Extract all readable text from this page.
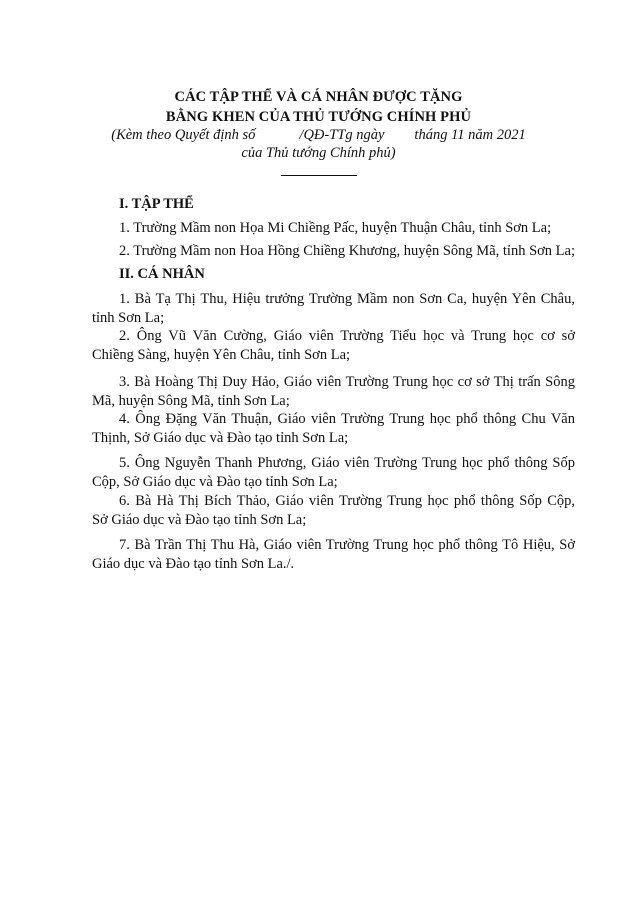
CÁC TẬP THỂ VÀ CÁ NHÂN ĐƯỢC TẶNG
BẰNG KHEN CỦA THỦ TƯỚNG CHÍNH PHỦ
(Kèm theo Quyết định số	/QĐ-TTg ngày tháng 11 năm 2021
của Thủ tướng Chính phủ)
I. TẬP THỂ
1. Trường Mầm non Họa Mi Chiềng Pấc, huyện Thuận Châu, tỉnh Sơn La;
2. Trường Mầm non Hoa Hồng Chiềng Khương, huyện Sông Mã, tỉnh Sơn La;
II. CÁ NHÂN
1. Bà Tạ Thị Thu, Hiệu trưởng Trường Mầm non Sơn Ca, huyện Yên Châu,
tỉnh Sơn La;
2. Ông Vũ Văn Cường, Giáo viên Trường Tiểu học và Trung học cơ sở
Chiềng Sàng, huyện Yên Châu, tỉnh Sơn La;
3. Bà Hoàng Thị Duy Hảo, Giáo viên Trường Trung học cơ sở Thị trấn Sông
Mã, huyện Sông Mã, tỉnh Sơn La;
4. Ông Đặng Văn Thuận, Giáo viên Trường Trung học phổ thông Chu Văn
Thịnh, Sở Giáo dục và Đào tạo tỉnh Sơn La;
5. Ông Nguyễn Thanh Phương, Giáo viên Trường Trung học phổ thông Sốp
Cộp, Sở Giáo dục và Đào tạo tỉnh Sơn La;
6. Bà Hà Thị Bích Thảo, Giáo viên Trường Trung học phổ thông Sốp Cộp,
Sở Giáo dục và Đào tạo tỉnh Sơn La;
7. Bà Trần Thị Thu Hà, Giáo viên Trường Trung học phổ thông Tô Hiệu, Sở
Giáo dục và Đào tạo tỉnh Sơn La./.
